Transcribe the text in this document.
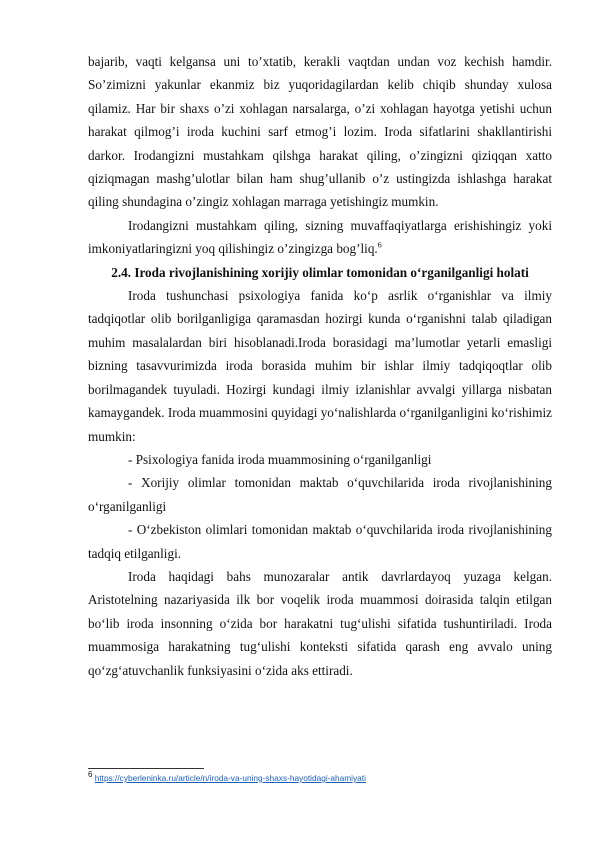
bajarib, vaqti kelgansa uni to’xtatib, kerakli vaqtdan undan voz kechish hamdir. So’zimizni yakunlar ekanmiz biz yuqoridagilardan kelib chiqib shunday xulosa qilamiz. Har bir shaxs o’zi xohlagan narsalarga, o’zi xohlagan hayotga yetishi uchun harakat qilmog’i iroda kuchini sarf etmog’i lozim. Iroda sifatlarini shakllantirishi darkor. Irodangizni mustahkam qilshga harakat qiling, o’zingizni qiziqqan xatto qiziqmagan mashg’ulotlar bilan ham shug’ullanib o’z ustingizda ishlashga harakat qiling shundagina o’zingiz xohlagan marraga yetishingiz mumkin.

Irodangizni mustahkam qiling, sizning muvaffaqiyatlarga erishishingiz yoki imkoniyatlaringizni yoq qilishingiz o’zingizga bog’liq.$^6$

2.4. Iroda rivojlanishining xorijiy olimlar tomonidan oʻrganilganligi holati

Iroda tushunchasi psixologiya fanida koʻp asrlik oʻrganishlar va ilmiy tadqiqotlar olib borilganligiga qaramasdan hozirgi kunda oʻrganishni talab qiladigan muhim masalalardan biri hisoblanadi.Iroda borasidagi ma’lumotlar yetarli emasligi bizning tasavvurimizda iroda borasida muhim bir ishlar ilmiy tadqiqoqtlar olib borilmagandek tuyuladi. Hozirgi kundagi ilmiy izlanishlar avvalgi yillarga nisbatan kamaygandek. Iroda muammosini quyidagi yoʻnalishlarda oʻrganilganligini koʻrishimiz mumkin:

- Psixologiya fanida iroda muammosining oʻrganilganligi

- Xorijiy olimlar tomonidan maktab oʻquvchilarida iroda rivojlanishining oʻrganilganligi

- Oʻzbekiston olimlari tomonidan maktab oʻquvchilarida iroda rivojlanishining tadqiq etilganligi.

Iroda haqidagi bahs munozaralar antik davrlardayoq yuzaga kelgan. Aristotelning nazariyasida ilk bor voqelik iroda muammosi doirasida talqin etilgan boʻlib iroda insonning oʻzida bor harakatni tugʻulishi sifatida tushuntiriladi. Iroda muammosiga harakatning tugʻulishi konteksti sifatida qarash eng avvalo uning qoʻzgʻatuvchanlik funksiyasini oʻzida aks ettiradi.

$^6$ https://cyberleninka.ru/article/n/iroda-va-uning-shaxs-hayotidagi-ahamiyati
